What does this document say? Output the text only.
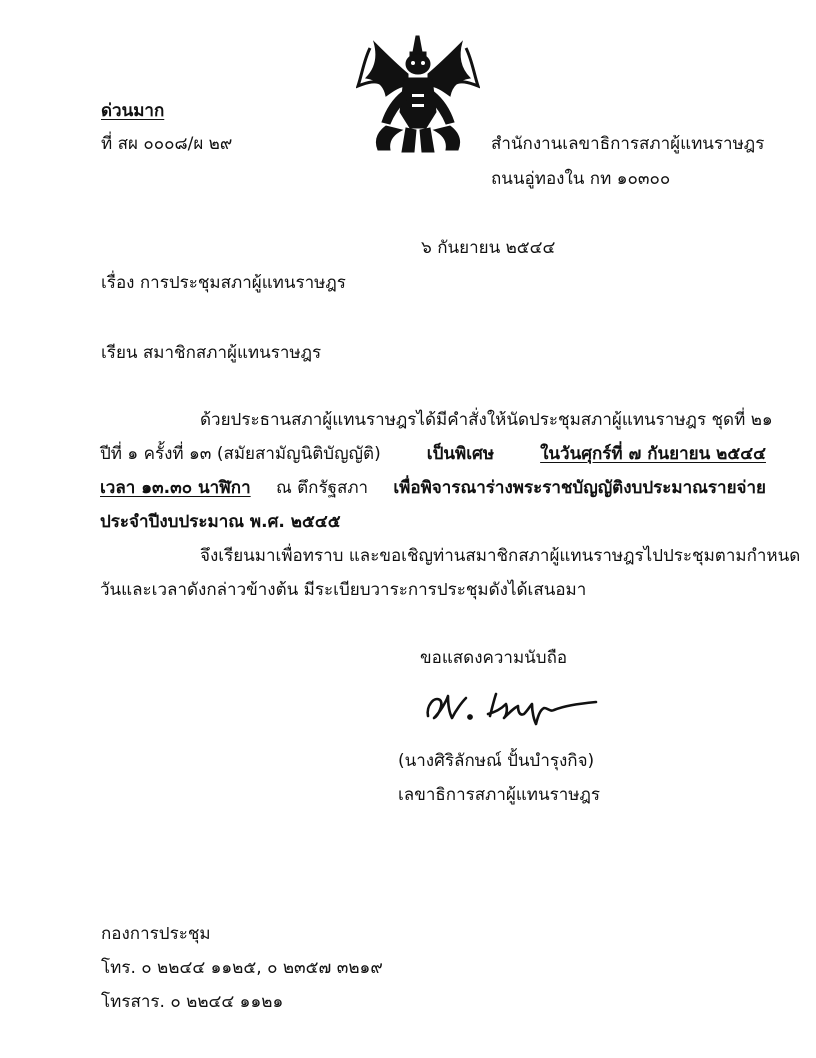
ด่วนมาก
ที่ สผ ๐๐๐๘/ผ ๒๙	สำนักงานเลขาธิการสภาผู้แทนราษฎร
ถนนอู่ทองใน กท ๑๐๓๐๐
๖ กันยายน ๒๕๔๔
เรื่อง การประชุมสภาผู้แทนราษฎร
เรียน สมาชิกสภาผู้แทนราษฎร
ด้วยประธานสภาผู้แทนราษฎรได้มีคำสั่งให้นัดประชุมสภาผู้แทนราษฎร ชุดที่ ๒๑
ปีที่ ๑ ครั้งที่ ๑๓ (สมัยสามัญนิติบัญญัติ)	เป็นพิเศษ	ในวันศุกร์ที่ ๗ กันยายน ๒๕๔๔
เวลา ๑๓.๓๐ นาฬิกา ณ ตึกรัฐสภา เพื่อพิจารณาร่างพระราชบัญญัติงบประมาณรายจ่าย
ประจำปีงบประมาณ พ.ศ. ๒๕๔๕
จึงเรียนมาเพื่อทราบ และขอเชิญท่านสมาชิกสภาผู้แทนราษฎรไปประชุมตามกำหนด
วันและเวลาดังกล่าวข้างต้น มีระเบียบวาระการประชุมดังได้เสนอมา
ขอแสดงความนับถือ
(นางศิริลักษณ์ ปั้นบำรุงกิจ)
เลขาธิการสภาผู้แทนราษฎร
กองการประชุม
โทร. ๐ ๒๒๔๔ ๑๑๒๕, ๐ ๒๓๕๗ ๓๒๑๙
โทรสาร. ๐ ๒๒๔๔ ๑๑๒๑
